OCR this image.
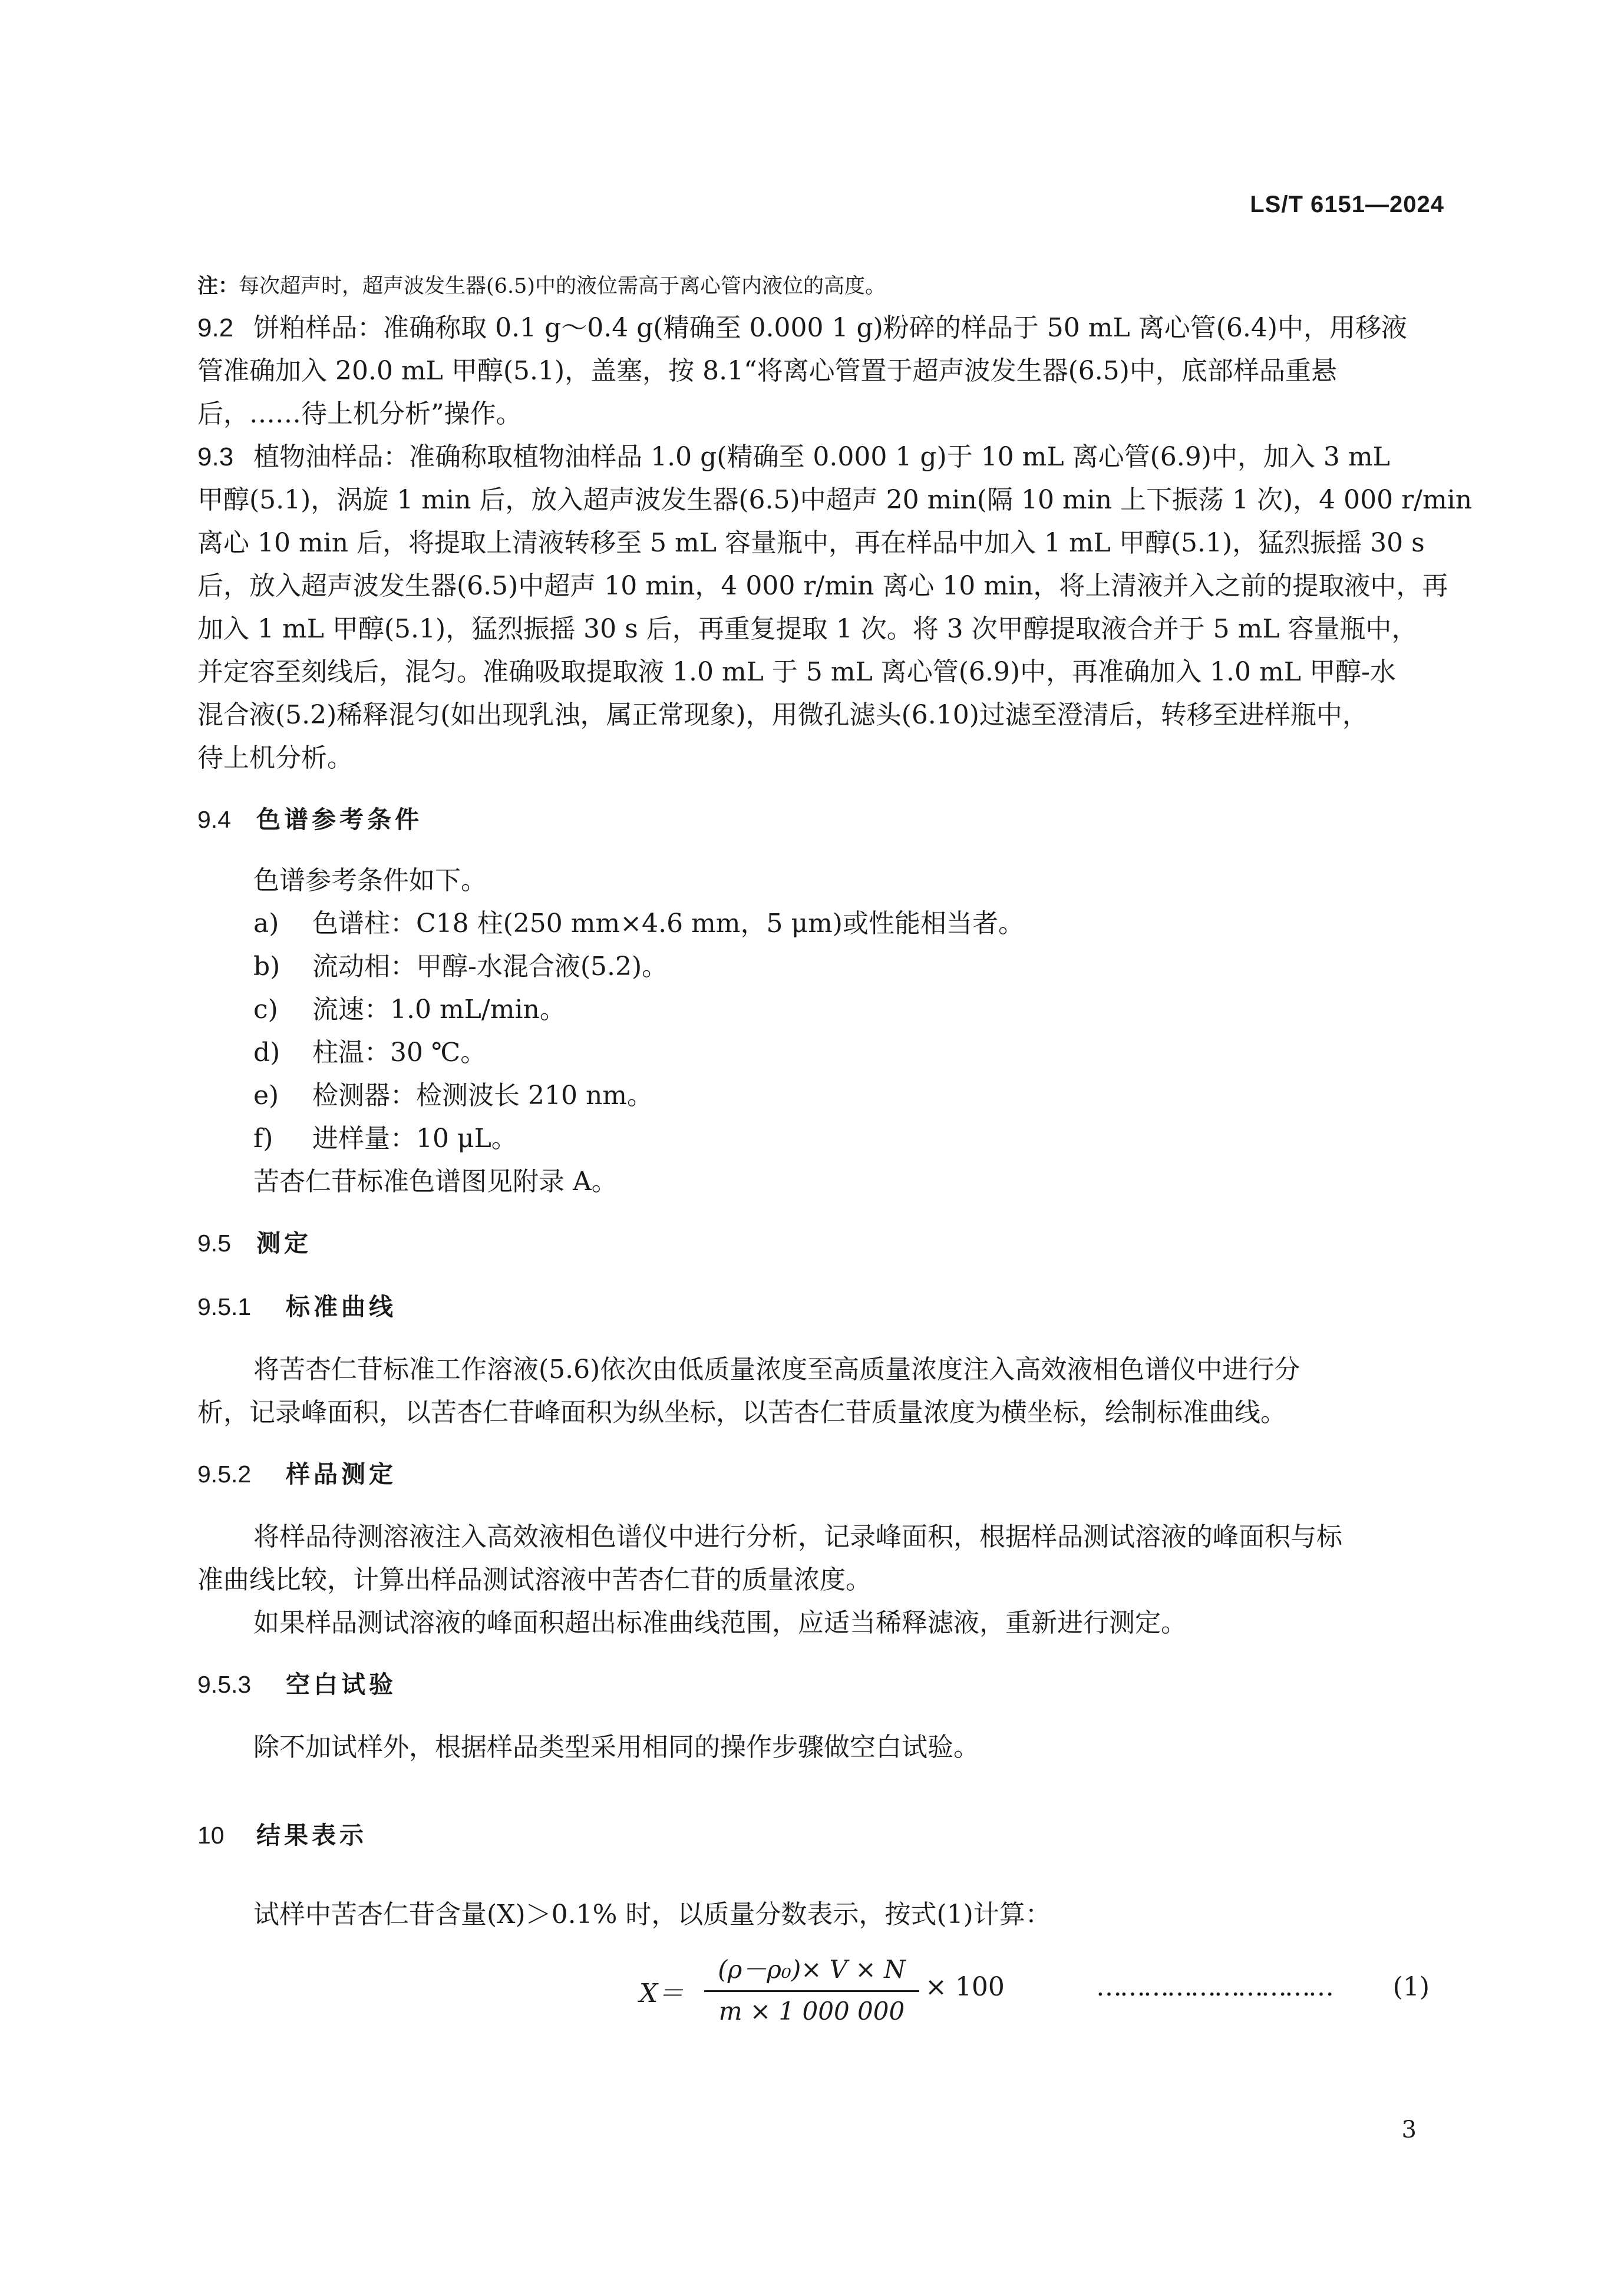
LS/T 6151—2024
注：每次超声时，超声波发生器(6.5)中的液位需高于离心管内液位的高度。
9.2 饼粕样品：准确称取 0.1 g～0.4 g(精确至 0.000 1 g)粉碎的样品于 50 mL 离心管(6.4)中，用移液
管准确加入 20.0 mL 甲醇(5.1)，盖塞，按 8.1“将离心管置于超声波发生器(6.5)中，底部样品重悬
后，……待上机分析”操作。
9.3 植物油样品：准确称取植物油样品 1.0 g(精确至 0.000 1 g)于 10 mL 离心管(6.9)中，加入 3 mL
甲醇(5.1)，涡旋 1 min 后，放入超声波发生器(6.5)中超声 20 min(隔 10 min 上下振荡 1 次)，4 000 r/min
离心 10 min 后，将提取上清液转移至 5 mL 容量瓶中，再在样品中加入 1 mL 甲醇(5.1)，猛烈振摇 30 s
后，放入超声波发生器(6.5)中超声 10 min，4 000 r/min 离心 10 min，将上清液并入之前的提取液中，再
加入 1 mL 甲醇(5.1)，猛烈振摇 30 s 后，再重复提取 1 次。将 3 次甲醇提取液合并于 5 mL 容量瓶中，
并定容至刻线后，混匀。准确吸取提取液 1.0 mL 于 5 mL 离心管(6.9)中，再准确加入 1.0 mL 甲醇-水
混合液(5.2)稀释混匀(如出现乳浊，属正常现象)，用微孔滤头(6.10)过滤至澄清后，转移至进样瓶中，
待上机分析。
9.4 色谱参考条件
色谱参考条件如下。
a) 色谱柱：C18 柱(250 mm×4.6 mm，5 μm)或性能相当者。
b) 流动相：甲醇-水混合液(5.2)。
c) 流速：1.0 mL/min。
d) 柱温：30 ℃。
e) 检测器：检测波长 210 nm。
f) 进样量：10 μL。
苦杏仁苷标准色谱图见附录 A。
9.5 测定
9.5.1 标准曲线
将苦杏仁苷标准工作溶液(5.6)依次由低质量浓度至高质量浓度注入高效液相色谱仪中进行分
析，记录峰面积，以苦杏仁苷峰面积为纵坐标，以苦杏仁苷质量浓度为横坐标，绘制标准曲线。
9.5.2 样品测定
将样品待测溶液注入高效液相色谱仪中进行分析，记录峰面积，根据样品测试溶液的峰面积与标
准曲线比较，计算出样品测试溶液中苦杏仁苷的质量浓度。
如果样品测试溶液的峰面积超出标准曲线范围，应适当稀释滤液，重新进行测定。
9.5.3 空白试验
除不加试样外，根据样品类型采用相同的操作步骤做空白试验。
10 结果表示
试样中苦杏仁苷含量(X)＞0.1% 时，以质量分数表示，按式(1)计算：
X＝
(ρ－ρ₀)× V × N
m × 1 000 000
× 100	………………………… (1)
3
